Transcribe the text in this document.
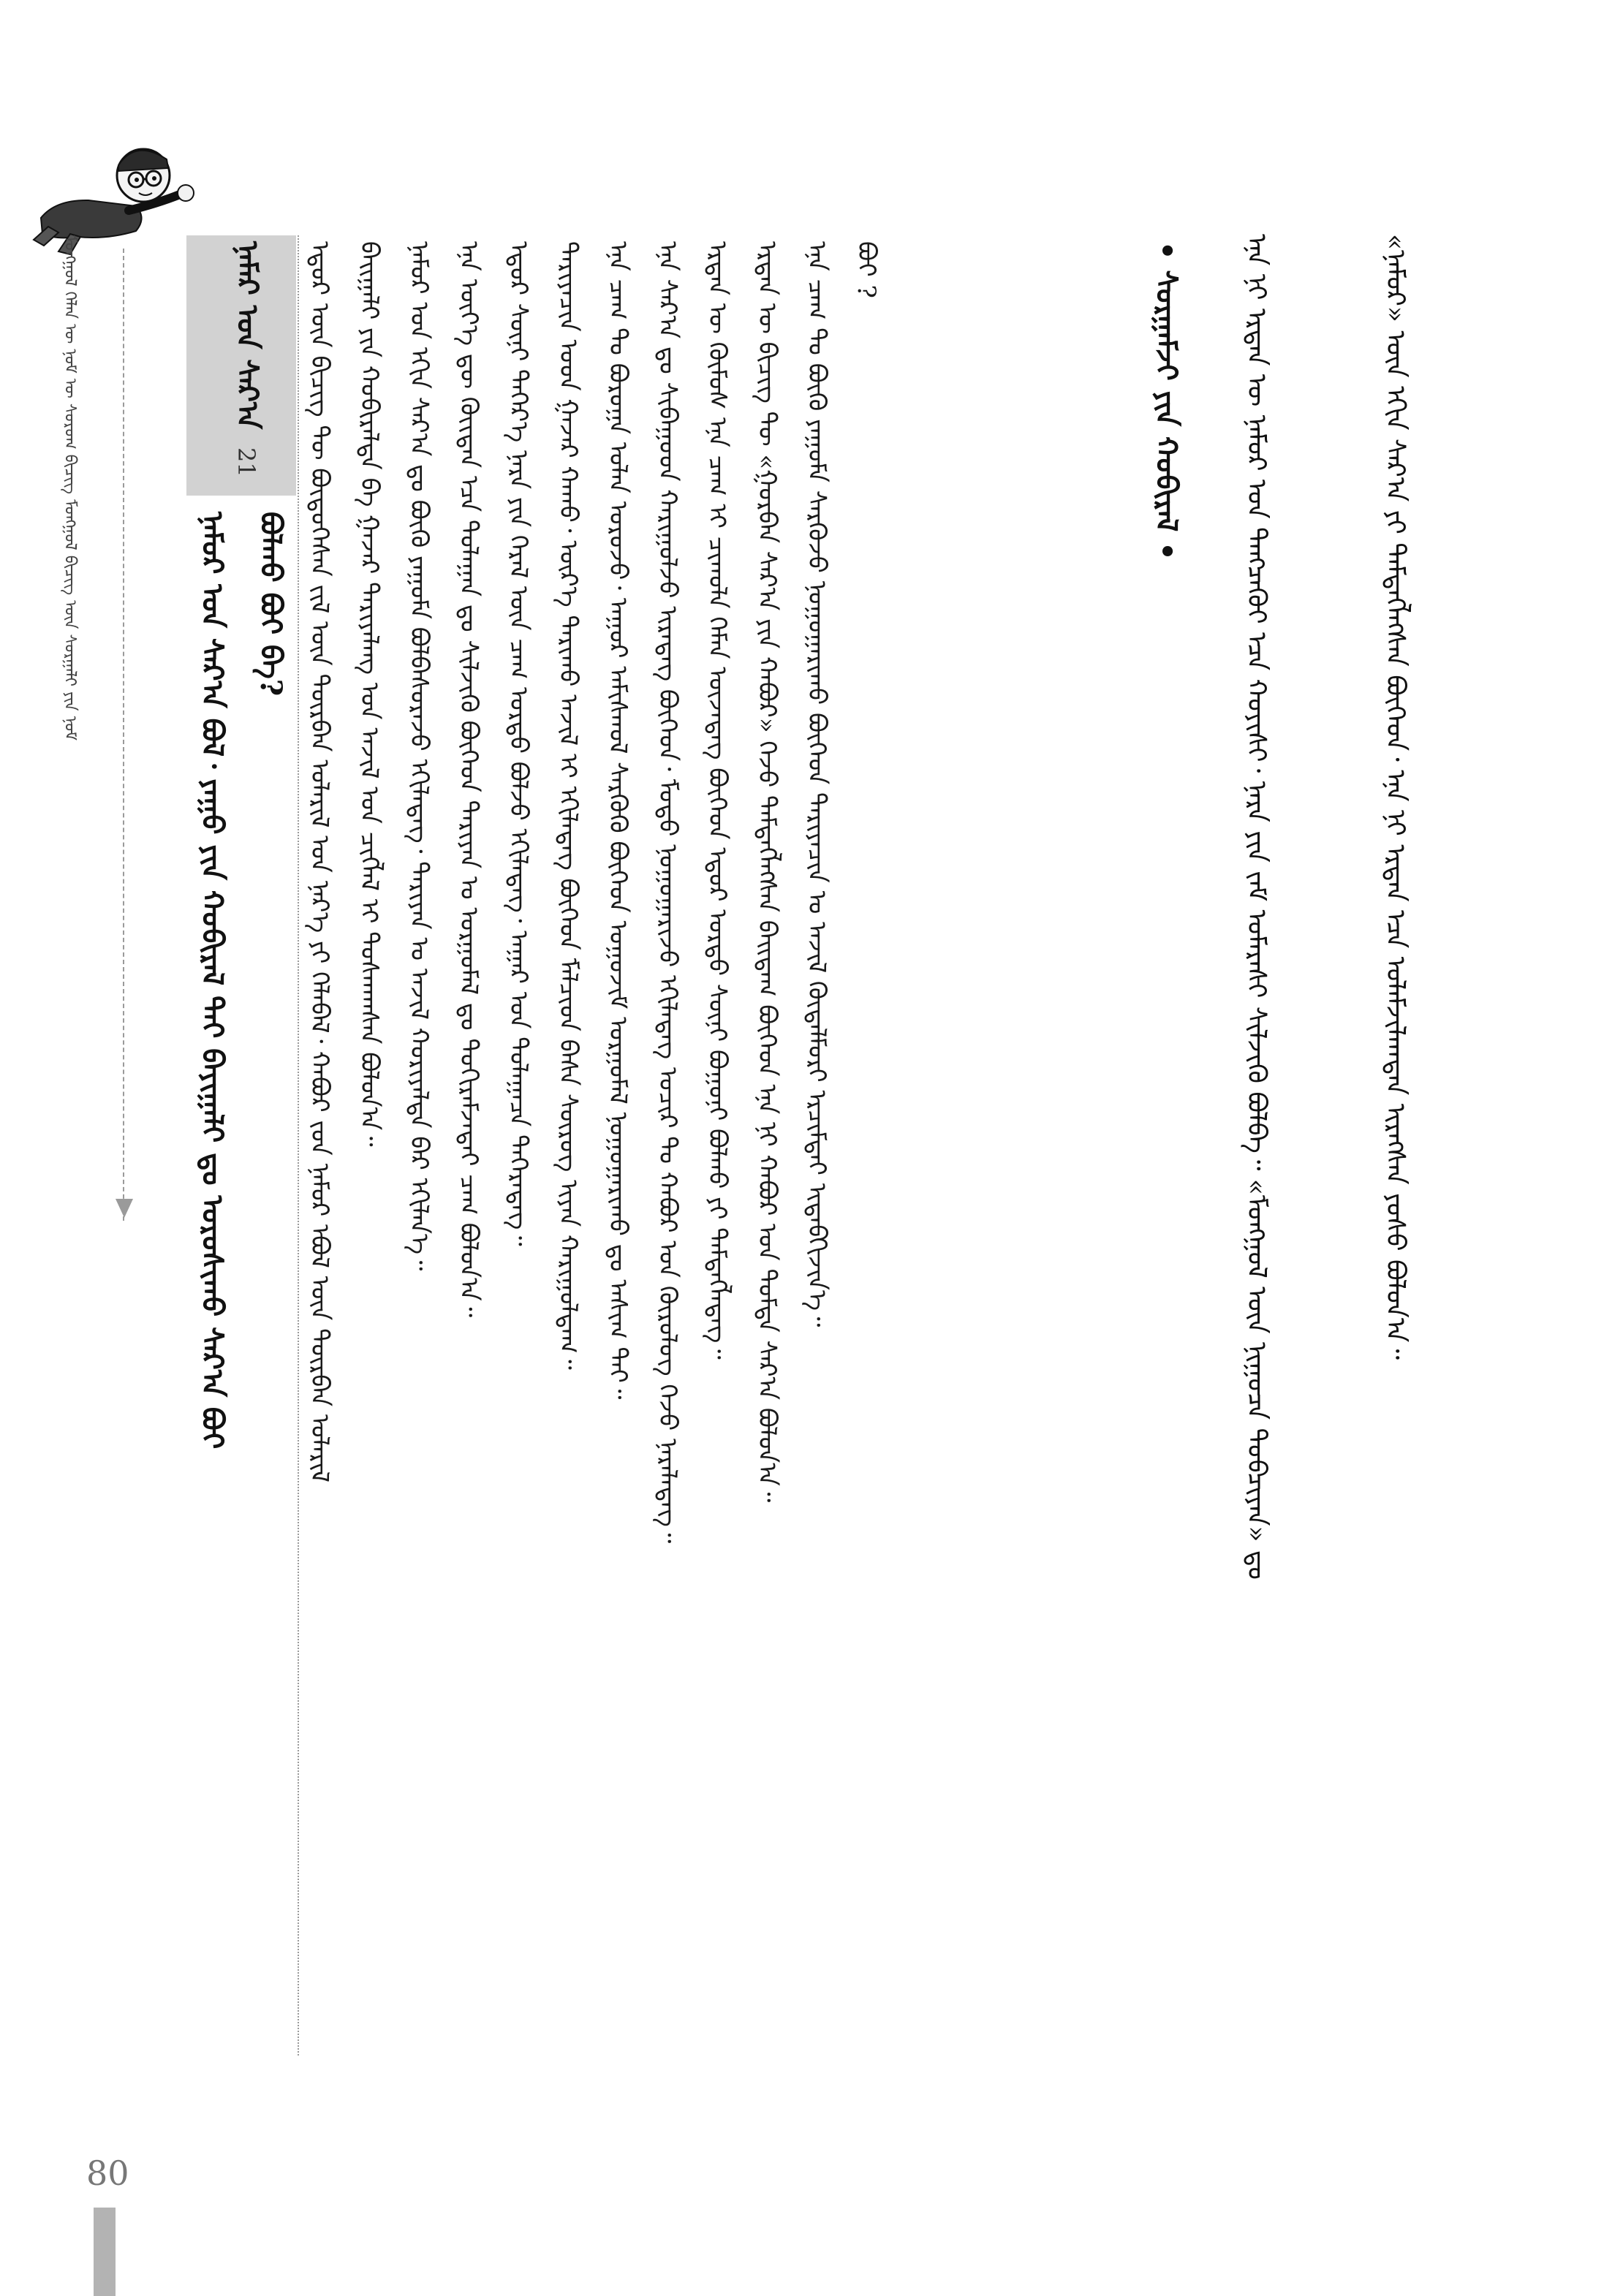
ᠮᠣᠩᠭᠣᠯ ᠬᠡᠯᠡᠨ ᠦ ᠨᠣᠮ ᠦ ᠰᠤᠷᠤᠬ ᠪᠢᠴᠢᠭ᠌ ᠎ᠮᠣᠩᠭᠣᠯ ᠪᠢᠴᠢᠭ᠌ ᠦᠨ ᠰᠤᠷᠭᠠᠯᠢ ᠶᠢᠨ ᠨᠣᠮ	ᠨᠠᠮᠠᠷ ᠤᠨ ᠰᠠᠷ᠎ᠠ
21
ᠨᠠᠮᠤᠷ ᠤᠨ ᠰᠠᠷ᠎ᠠ ᠪᠣᠯ᠂ ᠶᠠᠭᠤ ᠶᠢᠨ ᠬᠤᠪᠢᠷᠠᠯ ᠲᠠᠢ ᠪᠠᠶᠢᠭᠠᠯᠢ ᠳᠤ ᠣᠷᠣᠰᠢᠬᠤ ᠰᠠᠷ᠎ᠠ ᠪᠣᠢ ᠪᠣᠯᠬᠤ ᠪᠤᠢ ᠪᠡ? ᠡᠳᠦᠷ ᠦᠨ ᠪᠢᠴᠢᠭ ᠲᠦ ᠪᠦᠲᠦᠭᠡᠰᠡᠨ ᠵᠢᠯ ᠦᠨ ᠳᠦᠷᠪᠡᠨ ᠤᠯᠠᠷᠢᠯ ᠤᠨ ᠨᠡᠷ᠎ᠡ ᠶᠢ ᠬᠡᠯᠡᠪᠡᠯ᠂ ᠬᠠᠪᠤᠷ ᠵᠤᠨ ᠨᠠᠮᠤᠷ ᠡᠪᠦᠯ ᠦᠨ ᠳᠦᠷᠪᠡᠨ ᠣᠯᠠᠷᠢᠯ ᠪᠠᠢᠭᠠᠯᠢ ᠶᠢᠨ ᠬᠤᠪᠢᠷᠠᠯᠲᠠ ᠪᠠ ᠭᠠᠵᠠᠷ ᠲᠠᠷᠢᠶᠠᠯᠠᠩ ᠤᠨ ᠠᠵᠢᠯ ᠤᠨ ᠴᠢᠭᠯᠡᠯ ᠢ ᠲᠤᠰᠬᠠᠭᠰᠠᠨ ᠪᠣᠯᠤᠨ᠎ᠠ᠃ ᠨᠠᠮᠤᠷ ᠤᠨ ᠡᠬᠢᠨ ᠰᠠᠷ᠎ᠠ ᠳᠤ ᠪᠦᠬᠦ ᠶᠠᠭᠤᠮᠠ ᠪᠣᠯᠪᠠᠰᠤᠷᠠᠵᠤ ᠡᠬᠢᠯᠡᠳᠡᠭ᠂ ᠲᠠᠷᠢᠶᠠᠨ ᠤ ᠠᠵᠢᠯ ᠬᠤᠷᠢᠶᠠᠯᠲᠠ ᠪᠠᠷ ᠡᠬᠢᠯᠡᠨ᠎ᠡ᠃ ᠡᠨᠡ ᠦᠶ᠎ᠡ ᠳᠦ ᠬᠦᠢᠲᠡᠨ ᠡᠴᠡ ᠳᠤᠯᠠᠭᠠᠨ ᠳᠤ ᠰᠢᠯᠵᠢᠬᠦ ᠪᠥᠭᠡᠳ ᠲᠠᠷᠢᠶᠠᠨ ᠤ ᠤᠷᠭᠤᠮᠠᠯ ᠳᠤ ᠲᠣᠬᠢᠷᠠᠮᠵᠠᠲᠠᠢ ᠴᠠᠭ ᠪᠣᠯᠤᠨ᠎ᠠ᠃ ᠡᠳᠦᠷ ᠰᠥᠨᠢ ᠳᠡᠭᠡᠷ᠎ᠡ ᠨᠠᠷᠠ ᠶᠢᠨ ᠭᠡᠷᠡᠯ ᠦᠨ ᠴᠠᠭ ᠤᠷᠲᠤ ᠪᠣᠯᠵᠤ ᠡᠬᠢᠯᠡᠳᠡᠭ᠂ ᠠᠭᠠᠷ ᠤᠨ ᠳᠤᠯᠠᠭᠠᠴᠠ ᠳᠡᠭᠡᠷᠡᠳᠡᠭ᠃ ᠲᠠᠷᠢᠶᠠᠴᠢᠨ ᠤᠳ ᠭᠠᠵᠠᠷ ᠬᠠᠬᠤ᠂ ᠦᠷ᠎ᠡ ᠲᠠᠷᠢᠬᠤ ᠠᠵᠢᠯ ᠢ ᠡᠬᠢᠯᠡᠳᠡᠭ ᠪᠥᠭᠡᠳ ᠮᠠᠯᠴᠢᠳ ᠪᠠᠰᠠ ᠰᠦᠷᠦᠭ ᠢᠶᠡᠨ ᠬᠠᠷᠢᠭᠤᠯᠳᠠᠭ᠃ ᠡᠨᠡ ᠴᠠᠭ ᠲᠤ ᠪᠣᠷᠤᠭᠠ ᠤᠯᠠᠨ ᠤᠷᠤᠵᠤ᠂ ᠠᠭᠤᠷ ᠠᠮᠢᠰᠬᠤᠯ ᠰᠡᠷᠭᠦᠬᠦ ᠪᠥᠭᠡᠳ ᠤᠭᠤᠵᠢᠮ ᠤᠷᠭᠤᠮᠠᠯ ᠨᠣᠭᠣᠭᠠᠷᠢᠬᠤ ᠳᠤ ᠠᠰᠢᠭ ᠲᠠᠢ᠃ ᠡᠨᠡ ᠰᠠᠷ᠎ᠠ ᠳᠤ ᠰᠢᠪᠠᠭᠤᠳ ᠬᠠᠷᠢᠭᠤᠯᠵᠤ ᠢᠷᠡᠳᠡᠭ ᠪᠥᠭᠡᠳ᠂ ᠮᠣᠳᠣ ᠨᠣᠭᠣᠭᠠᠷᠢᠵᠤ ᠡᠬᠢᠯᠡᠳᠡᠭ ᠤᠴᠢᠷ ᠲᠤ ᠬᠠᠪᠤᠷ ᠤᠨ ᠬᠦᠷᠦᠯᠦᠭ ᠭᠡᠵᠦ ᠨᠡᠷᠡᠯᠡᠳᠡᠭ᠃ ᠡᠷᠲᠡᠨ ᠦ ᠬᠦᠮᠦᠰ ᠡᠨᠡ ᠴᠠᠭ ᠢ ᠴᠢᠬᠤᠯᠠ ᠬᠡᠮᠡᠨ ᠦᠵᠡᠳᠡᠭ ᠪᠥᠭᠡᠳ ᠡᠳᠦᠷ ᠤᠷᠲᠤ ᠰᠥᠨᠢ ᠪᠣᠭᠤᠨᠢ ᠪᠣᠯᠬᠤ ᠶᠢ ᠲᠡᠮᠳᠡᠭᠯᠡᠳᠡᠭ᠃ ᠡᠷᠲᠡᠨ ᠦ ᠪᠢᠴᠢᠭ ᠲᠦ «ᠭᠤᠷᠪᠠᠨ ᠰᠠᠷ᠎ᠠ ᠶᠢᠨ ᠬᠠᠪᠤᠷ» ᠭᠡᠵᠦ ᠲᠡᠮᠳᠡᠭᠯᠡᠭᠰᠡᠨ ᠪᠠᠢᠳᠠᠭ ᠪᠥᠭᠡᠳ ᠡᠨᠡ ᠨᠢ ᠬᠠᠪᠤᠷ ᠤᠨ ᠳᠤᠮᠳᠠ ᠰᠠᠷ᠎ᠠ ᠪᠣᠯᠤᠨ᠎ᠠ᠃ ᠡᠨᠡ ᠴᠠᠭ ᠲᠤ ᠪᠦᠬᠦ ᠶᠠᠭᠤᠮᠠ ᠰᠡᠷᠭᠦᠵᠦ ᠨᠣᠭᠣᠭᠠᠷᠢᠬᠤ ᠪᠥᠭᠡᠳ ᠲᠠᠷᠢᠶᠠᠴᠢᠨ ᠤ ᠠᠵᠢᠯ ᠬᠥᠳᠡᠯᠮᠦᠷᠢ ᠡᠷᠴᠢᠮᠲᠡᠢ ᠢᠳᠡᠪᠬᠢᠵᠢᠨ᠎ᠡ᠃ ᠪᠣᠢ ?	• ᠰᠤᠷᠭᠠᠮᠵᠢ ᠶᠢᠨ ᠬᠤᠪᠢᠷᠠᠯ • ᠡᠨᠡ ᠨᠢ ᠡᠷᠲᠡᠨ ᠦ ᠨᠠᠮᠤᠷ ᠤᠨ ᠲᠡᠩᠴᠡᠬᠦᠢ ᠡᠴᠡ ᠬᠣᠶᠢᠰᠢ᠂ ᠨᠠᠷᠠ ᠶᠢᠨ ᠵᠠᠮ ᠤᠮᠠᠷᠠᠰᠢ ᠰᠢᠯᠵᠢᠬᠦ ᠪᠣᠯᠪᠠ᠃ «ᠮᠣᠩᠭᠣᠯ ᠦᠨ ᠨᠢᠭᠤᠴᠠ ᠲᠣᠪᠴᠢᠶᠠᠨ» ᠳᠤ	«ᠨᠠᠮᠤᠷ» ᠦᠨ ᠡᠬᠢᠨ ᠰᠠᠷ᠎ᠠ ᠶᠢ ᠲᠡᠮᠳᠡᠭᠯᠡᠭᠰᠡᠨ ᠪᠥᠭᠡᠳ᠂ ᠡᠨᠡ ᠨᠢ ᠡᠷᠲᠡᠨ ᠡᠴᠡ ᠤᠯᠠᠮᠵᠢᠯᠠᠭᠳᠠᠨ ᠢᠷᠡᠭᠰᠡᠨ ᠶᠣᠰᠤ ᠪᠣᠯᠤᠨ᠎ᠠ᠃
80
